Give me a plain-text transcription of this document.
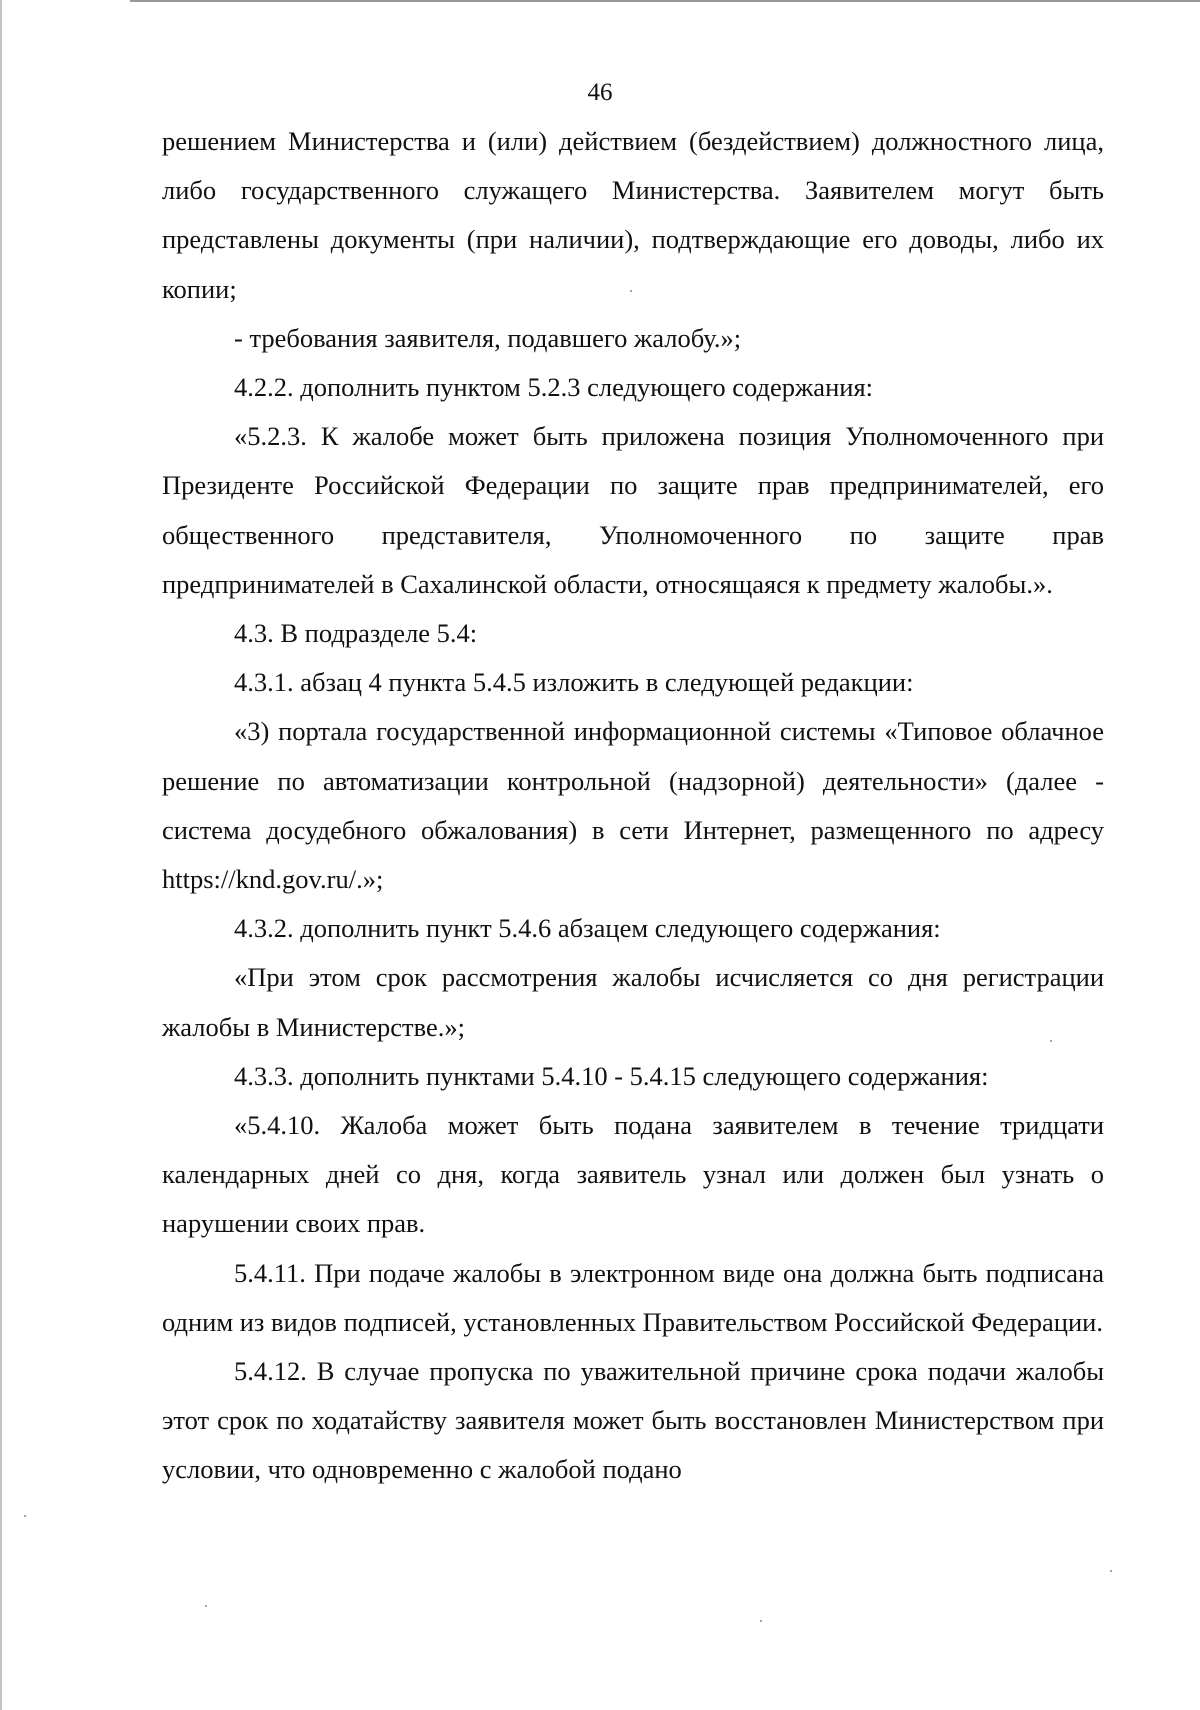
46

решением Министерства и (или) действием (бездействием) должностного лица, либо государственного служащего Министерства. Заявителем могут быть представлены документы (при наличии), подтверждающие его доводы, либо их копии;

- требования заявителя, подавшего жалобу.»;

4.2.2. дополнить пунктом 5.2.3 следующего содержания:

«5.2.3. К жалобе может быть приложена позиция Уполномоченного при Президенте Российской Федерации по защите прав предпринимателей, его общественного представителя, Уполномоченного по защите прав предпринимателей в Сахалинской области, относящаяся к предмету жалобы.».

4.3. В подразделе 5.4:

4.3.1. абзац 4 пункта 5.4.5 изложить в следующей редакции:

«3) портала государственной информационной системы «Типовое облачное решение по автоматизации контрольной (надзорной) деятельности» (далее - система досудебного обжалования) в сети Интернет, размещенного по адресу https://knd.gov.ru/.»;

4.3.2. дополнить пункт 5.4.6 абзацем следующего содержания:

«При этом срок рассмотрения жалобы исчисляется со дня регистрации жалобы в Министерстве.»;

4.3.3. дополнить пунктами 5.4.10 - 5.4.15 следующего содержания:

«5.4.10. Жалоба может быть подана заявителем в течение тридцати календарных дней со дня, когда заявитель узнал или должен был узнать о нарушении своих прав.

5.4.11. При подаче жалобы в электронном виде она должна быть подписана одним из видов подписей, установленных Правительством Российской Федерации.

5.4.12. В случае пропуска по уважительной причине срока подачи жалобы этот срок по ходатайству заявителя может быть восстановлен Министерством при условии, что одновременно с жалобой подано
